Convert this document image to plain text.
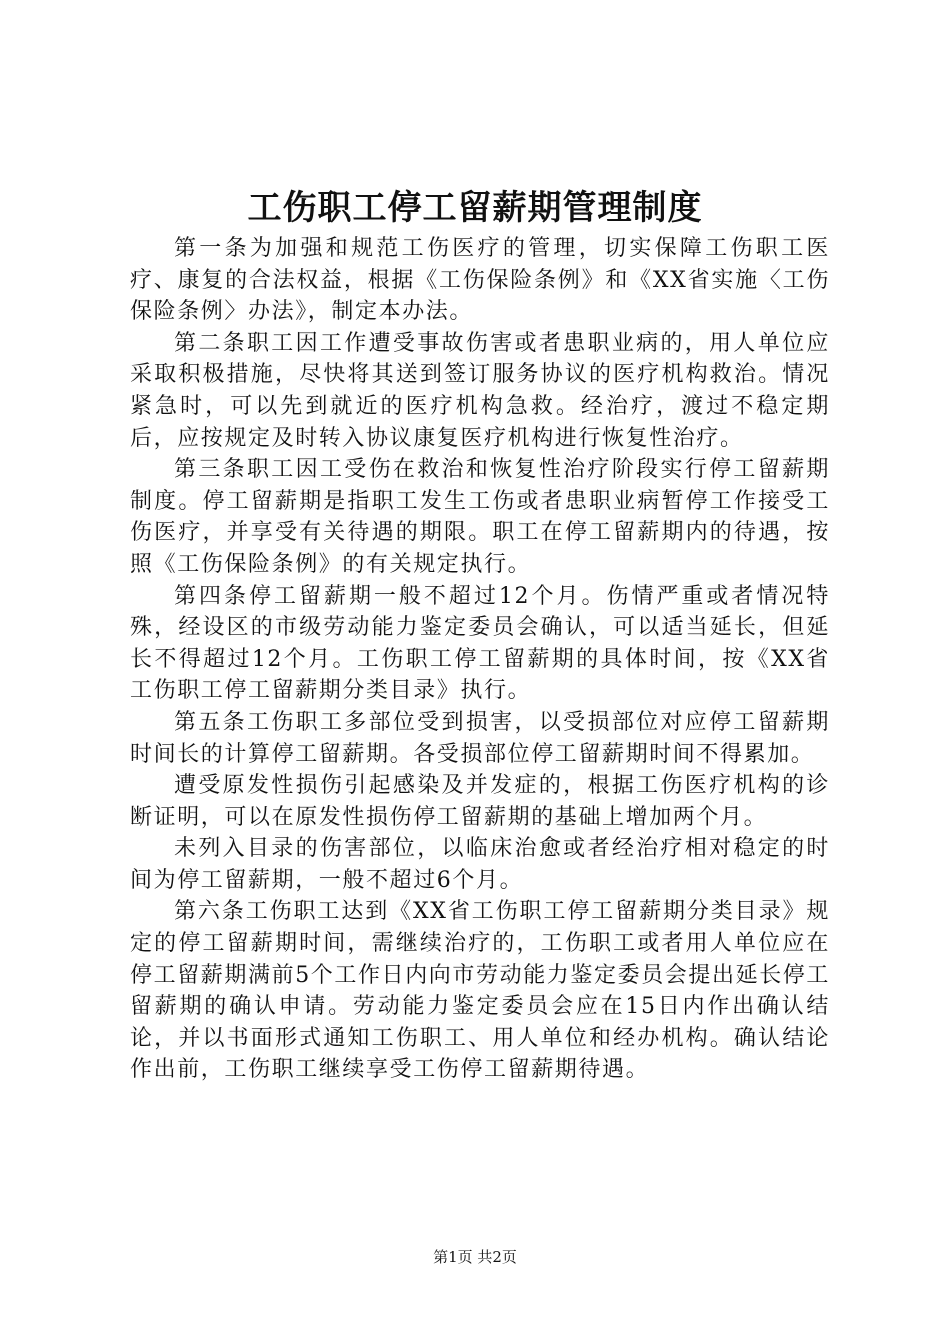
工伤职工停工留薪期管理制度

第一条为加强和规范工伤医疗的管理，切实保障工伤职工医疗、康复的合法权益，根据《工伤保险条例》和《XX省实施〈工伤保险条例〉办法》，制定本办法。

第二条职工因工作遭受事故伤害或者患职业病的，用人单位应采取积极措施，尽快将其送到签订服务协议的医疗机构救治。情况紧急时，可以先到就近的医疗机构急救。经治疗，渡过不稳定期后，应按规定及时转入协议康复医疗机构进行恢复性治疗。

第三条职工因工受伤在救治和恢复性治疗阶段实行停工留薪期制度。停工留薪期是指职工发生工伤或者患职业病暂停工作接受工伤医疗，并享受有关待遇的期限。职工在停工留薪期内的待遇，按照《工伤保险条例》的有关规定执行。

第四条停工留薪期一般不超过12个月。伤情严重或者情况特殊，经设区的市级劳动能力鉴定委员会确认，可以适当延长，但延长不得超过12个月。工伤职工停工留薪期的具体时间，按《XX省工伤职工停工留薪期分类目录》执行。

第五条工伤职工多部位受到损害，以受损部位对应停工留薪期时间长的计算停工留薪期。各受损部位停工留薪期时间不得累加。

遭受原发性损伤引起感染及并发症的，根据工伤医疗机构的诊断证明，可以在原发性损伤停工留薪期的基础上增加两个月。

未列入目录的伤害部位，以临床治愈或者经治疗相对稳定的时间为停工留薪期，一般不超过6个月。

第六条工伤职工达到《XX省工伤职工停工留薪期分类目录》规定的停工留薪期时间，需继续治疗的，工伤职工或者用人单位应在停工留薪期满前5个工作日内向市劳动能力鉴定委员会提出延长停工留薪期的确认申请。劳动能力鉴定委员会应在15日内作出确认结论，并以书面形式通知工伤职工、用人单位和经办机构。确认结论作出前，工伤职工继续享受工伤停工留薪期待遇。

第1页 共2页
